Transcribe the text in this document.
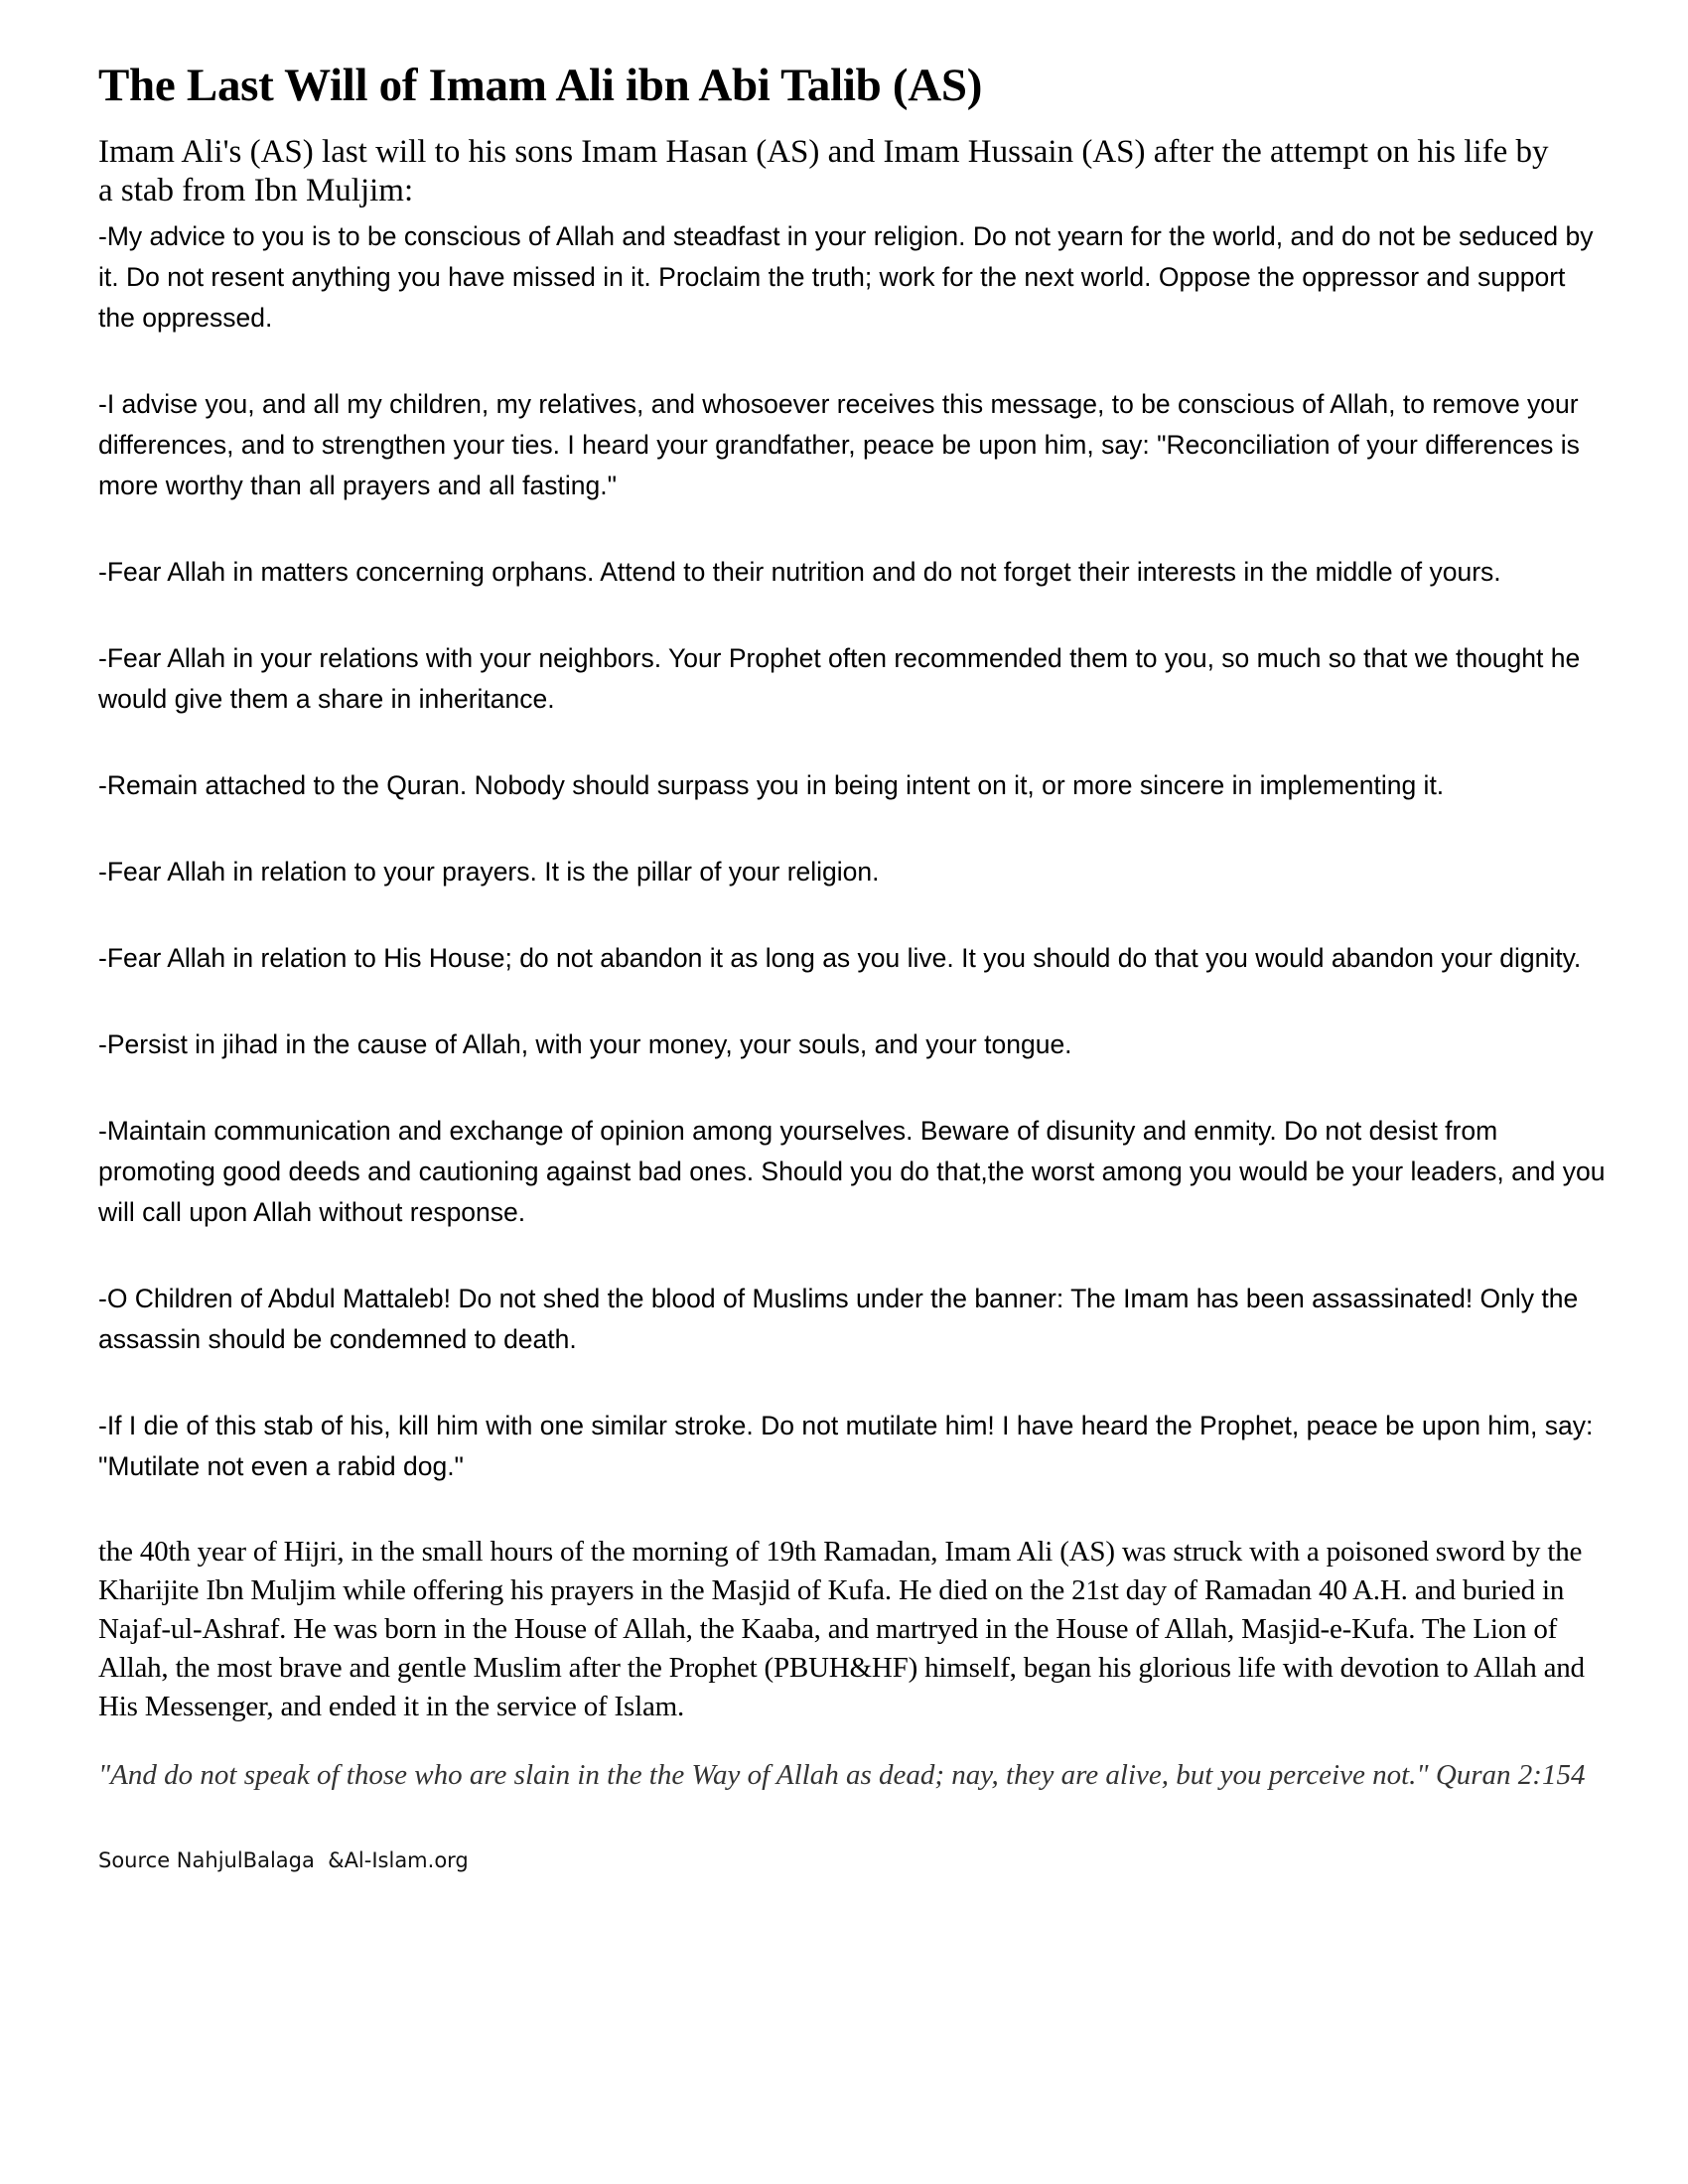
The Last Will of Imam Ali ibn Abi Talib (AS)

Imam Ali's (AS) last will to his sons Imam Hasan (AS) and Imam Hussain (AS) after the attempt on his life by a stab from Ibn Muljim:

-My advice to you is to be conscious of Allah and steadfast in your religion. Do not yearn for the world, and do not be seduced by it. Do not resent anything you have missed in it. Proclaim the truth; work for the next world. Oppose the oppressor and support the oppressed.

-I advise you, and all my children, my relatives, and whosoever receives this message, to be conscious of Allah, to remove your differences, and to strengthen your ties. I heard your grandfather, peace be upon him, say: "Reconciliation of your differences is more worthy than all prayers and all fasting."

-Fear Allah in matters concerning orphans. Attend to their nutrition and do not forget their interests in the middle of yours.

-Fear Allah in your relations with your neighbors. Your Prophet often recommended them to you, so much so that we thought he would give them a share in inheritance.

-Remain attached to the Quran. Nobody should surpass you in being intent on it, or more sincere in implementing it.

-Fear Allah in relation to your prayers. It is the pillar of your religion.

-Fear Allah in relation to His House; do not abandon it as long as you live. It you should do that you would abandon your dignity.

-Persist in jihad in the cause of Allah, with your money, your souls, and your tongue.

-Maintain communication and exchange of opinion among yourselves. Beware of disunity and enmity. Do not desist from promoting good deeds and cautioning against bad ones. Should you do that,the worst among you would be your leaders, and you will call upon Allah without response.

-O Children of Abdul Mattaleb! Do not shed the blood of Muslims under the banner: The Imam has been assassinated! Only the assassin should be condemned to death.

-If I die of this stab of his, kill him with one similar stroke. Do not mutilate him! I have heard the Prophet, peace be upon him, say: "Mutilate not even a rabid dog."

the 40th year of Hijri, in the small hours of the morning of 19th Ramadan, Imam Ali (AS) was struck with a poisoned sword by the Kharijite Ibn Muljim while offering his prayers in the Masjid of Kufa. He died on the 21st day of Ramadan 40 A.H. and buried in Najaf-ul-Ashraf. He was born in the House of Allah, the Kaaba, and martryed in the House of Allah, Masjid-e-Kufa. The Lion of Allah, the most brave and gentle Muslim after the Prophet (PBUH&HF) himself, began his glorious life with devotion to Allah and His Messenger, and ended it in the service of Islam.

"And do not speak of those who are slain in the the Way of Allah as dead; nay, they are alive, but you perceive not." Quran 2:154

Source NahjulBalaga  &Al-Islam.org
